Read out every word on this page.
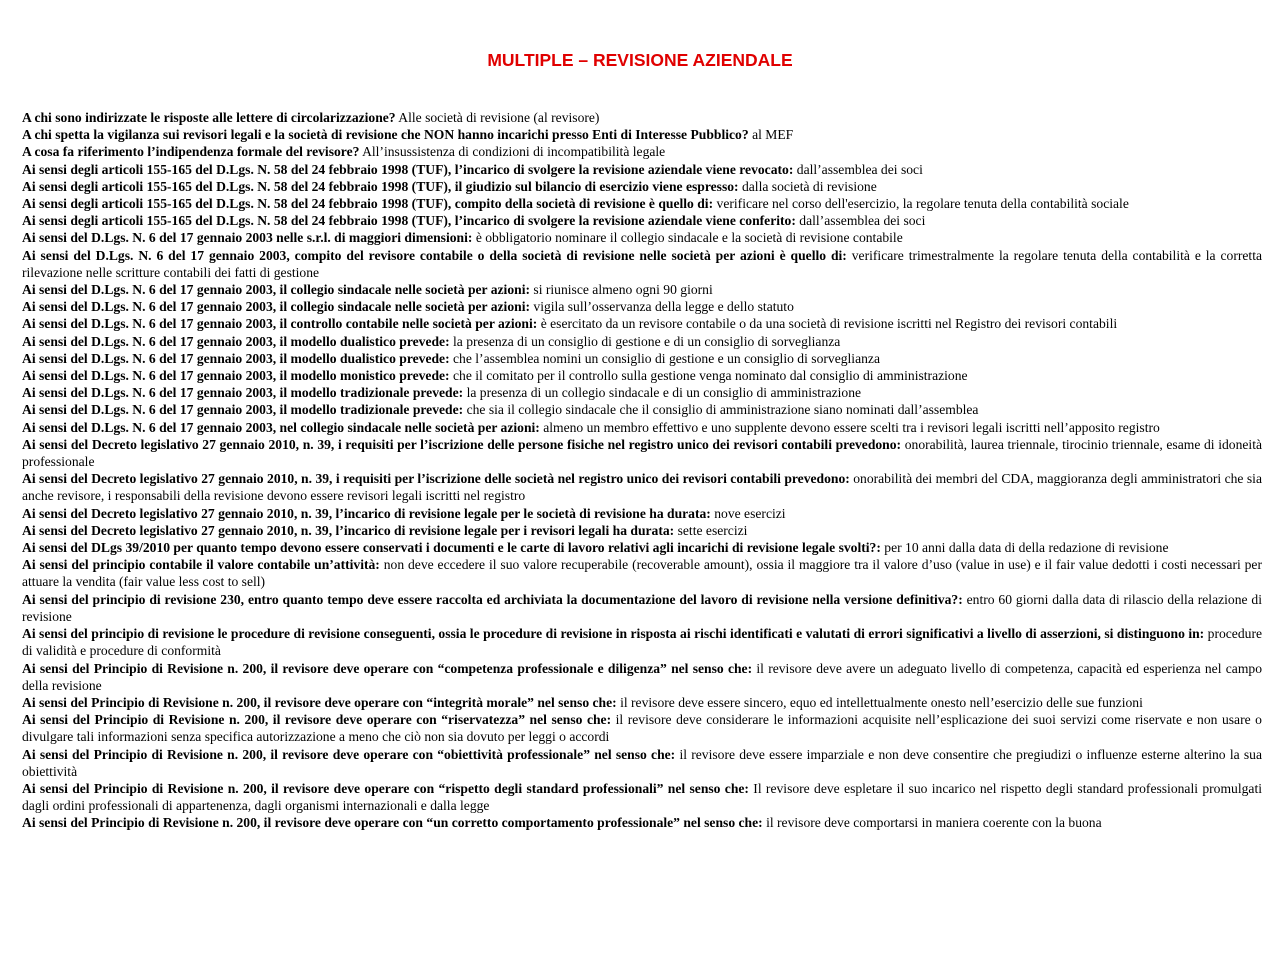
MULTIPLE – REVISIONE AZIENDALE
A chi sono indirizzate le risposte alle lettere di circolarizzazione? Alle società di revisione (al revisore)
A chi spetta la vigilanza sui revisori legali e la società di revisione che NON hanno incarichi presso Enti di Interesse Pubblico? al MEF
A cosa fa riferimento l’indipendenza formale del revisore? All’insussistenza di condizioni di incompatibilità legale
Ai sensi degli articoli 155-165 del D.Lgs. N. 58 del 24 febbraio 1998 (TUF), l’incarico di svolgere la revisione aziendale viene revocato: dall’assemblea dei soci
Ai sensi degli articoli 155-165 del D.Lgs. N. 58 del 24 febbraio 1998 (TUF), il giudizio sul bilancio di esercizio viene espresso: dalla società di revisione
Ai sensi degli articoli 155-165 del D.Lgs. N. 58 del 24 febbraio 1998 (TUF), compito della società di revisione è quello di: verificare nel corso dell'esercizio, la regolare tenuta della contabilità sociale
Ai sensi degli articoli 155-165 del D.Lgs. N. 58 del 24 febbraio 1998 (TUF), l’incarico di svolgere la revisione aziendale viene conferito: dall’assemblea dei soci
Ai sensi del D.Lgs. N. 6 del 17 gennaio 2003 nelle s.r.l. di maggiori dimensioni: è obbligatorio nominare il collegio sindacale e la società di revisione contabile
Ai sensi del D.Lgs. N. 6 del 17 gennaio 2003, compito del revisore contabile o della società di revisione nelle società per azioni è quello di: verificare trimestralmente la regolare tenuta della contabilità e la corretta rilevazione nelle scritture contabili dei fatti di gestione
Ai sensi del D.Lgs. N. 6 del 17 gennaio 2003, il collegio sindacale nelle società per azioni: si riunisce almeno ogni 90 giorni
Ai sensi del D.Lgs. N. 6 del 17 gennaio 2003, il collegio sindacale nelle società per azioni: vigila sull’osservanza della legge e dello statuto
Ai sensi del D.Lgs. N. 6 del 17 gennaio 2003, il controllo contabile nelle società per azioni: è esercitato da un revisore contabile o da una società di revisione iscritti nel Registro dei revisori contabili
Ai sensi del D.Lgs. N. 6 del 17 gennaio 2003, il modello dualistico prevede: la presenza di un consiglio di gestione e di un consiglio di sorveglianza
Ai sensi del D.Lgs. N. 6 del 17 gennaio 2003, il modello dualistico prevede: che l’assemblea nomini un consiglio di gestione e un consiglio di sorveglianza
Ai sensi del D.Lgs. N. 6 del 17 gennaio 2003, il modello monistico prevede: che il comitato per il controllo sulla gestione venga nominato dal consiglio di amministrazione
Ai sensi del D.Lgs. N. 6 del 17 gennaio 2003, il modello tradizionale prevede: la presenza di un collegio sindacale e di un consiglio di amministrazione
Ai sensi del D.Lgs. N. 6 del 17 gennaio 2003, il modello tradizionale prevede: che sia il collegio sindacale che il consiglio di amministrazione siano nominati dall’assemblea
Ai sensi del D.Lgs. N. 6 del 17 gennaio 2003, nel collegio sindacale nelle società per azioni: almeno un membro effettivo e uno supplente devono essere scelti tra i revisori legali iscritti nell’apposito registro
Ai sensi del Decreto legislativo 27 gennaio 2010, n. 39, i requisiti per l’iscrizione delle persone fisiche nel registro unico dei revisori contabili prevedono: onorabilità, laurea triennale, tirocinio triennale, esame di idoneità professionale
Ai sensi del Decreto legislativo 27 gennaio 2010, n. 39, i requisiti per l’iscrizione delle società nel registro unico dei revisori contabili prevedono: onorabilità dei membri del CDA, maggioranza degli amministratori che sia anche revisore, i responsabili della revisione devono essere revisori legali iscritti nel registro
Ai sensi del Decreto legislativo 27 gennaio 2010, n. 39, l’incarico di revisione legale per le società di revisione ha durata: nove esercizi
Ai sensi del Decreto legislativo 27 gennaio 2010, n. 39, l’incarico di revisione legale per i revisori legali ha durata: sette esercizi
Ai sensi del DLgs 39/2010 per quanto tempo devono essere conservati i documenti e le carte di lavoro relativi agli incarichi di revisione legale svolti?: per 10 anni dalla data di della redazione di revisione
Ai sensi del principio contabile il valore contabile un’attività: non deve eccedere il suo valore recuperabile (recoverable amount), ossia il maggiore tra il valore d’uso (value in use) e il fair value dedotti i costi necessari per attuare la vendita (fair value less cost to sell)
Ai sensi del principio di revisione 230, entro quanto tempo deve essere raccolta ed archiviata la documentazione del lavoro di revisione nella versione definitiva?: entro 60 giorni dalla data di rilascio della relazione di revisione
Ai sensi del principio di revisione le procedure di revisione conseguenti, ossia le procedure di revisione in risposta ai rischi identificati e valutati di errori significativi a livello di asserzioni, si distinguono in: procedure di validità e procedure di conformità
Ai sensi del Principio di Revisione n. 200, il revisore deve operare con “competenza professionale e diligenza” nel senso che: il revisore deve avere un adeguato livello di competenza, capacità ed esperienza nel campo della revisione
Ai sensi del Principio di Revisione n. 200, il revisore deve operare con “integrità morale” nel senso che: il revisore deve essere sincero, equo ed intellettualmente onesto nell’esercizio delle sue funzioni
Ai sensi del Principio di Revisione n. 200, il revisore deve operare con “riservatezza” nel senso che: il revisore deve considerare le informazioni acquisite nell’esplicazione dei suoi servizi come riservate e non usare o divulgare tali informazioni senza specifica autorizzazione a meno che ciò non sia dovuto per leggi o accordi
Ai sensi del Principio di Revisione n. 200, il revisore deve operare con “obiettività professionale” nel senso che: il revisore deve essere imparziale e non deve consentire che pregiudizi o influenze esterne alterino la sua obiettività
Ai sensi del Principio di Revisione n. 200, il revisore deve operare con “rispetto degli standard professionali” nel senso che: Il revisore deve espletare il suo incarico nel rispetto degli standard professionali promulgati dagli ordini professionali di appartenenza, dagli organismi internazionali e dalla legge
Ai sensi del Principio di Revisione n. 200, il revisore deve operare con “un corretto comportamento professionale” nel senso che: il revisore deve comportarsi in maniera coerente con la buona
